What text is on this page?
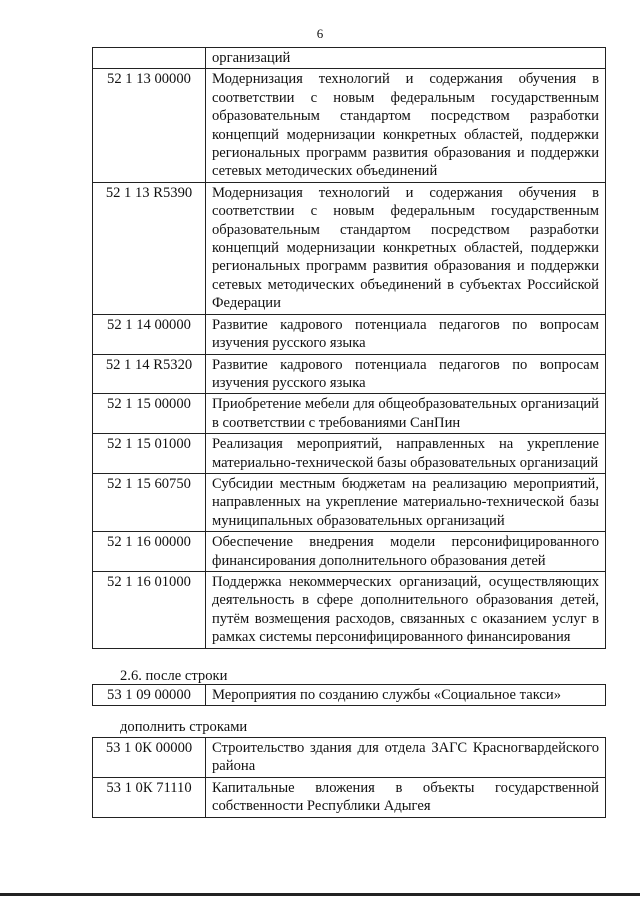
6
	организаций
52 1 13 00000	Модернизация технологий и содержания обучения в соответствии с новым федеральным государственным образовательным стандартом посредством разработки концепций модернизации конкретных областей, поддержки региональных программ развития образования и поддержки сетевых методических объединений
52 1 13 R5390	Модернизация технологий и содержания обучения в соответствии с новым федеральным государственным образовательным стандартом посредством разработки концепций модернизации конкретных областей, поддержки региональных программ развития образования и поддержки сетевых методических объединений в субъектах Российской Федерации
52 1 14 00000	Развитие кадрового потенциала педагогов по вопросам изучения русского языка
52 1 14 R5320	Развитие кадрового потенциала педагогов по вопросам изучения русского языка
52 1 15 00000	Приобретение мебели для общеобразовательных организаций в соответствии с требованиями СанПин
52 1 15 01000	Реализация мероприятий, направленных на укрепление материально-технической базы образовательных организаций
52 1 15 60750	Субсидии местным бюджетам на реализацию мероприятий, направленных на укрепление материально-технической базы муниципальных образовательных организаций
52 1 16 00000	Обеспечение внедрения модели персонифицированного финансирования дополнительного образования детей
52 1 16 01000	Поддержка некоммерческих организаций, осуществляющих деятельность в сфере дополнительного образования детей, путём возмещения расходов, связанных с оказанием услуг в рамках системы персонифицированного финансирования
2.6. после строки
53 1 09 00000	Мероприятия по созданию службы «Социальное такси»
дополнить строками
53 1 0К 00000	Строительство здания для отдела ЗАГС Красногвардейского района
53 1 0К 71110	Капитальные вложения в объекты государственной собственности Республики Адыгея
